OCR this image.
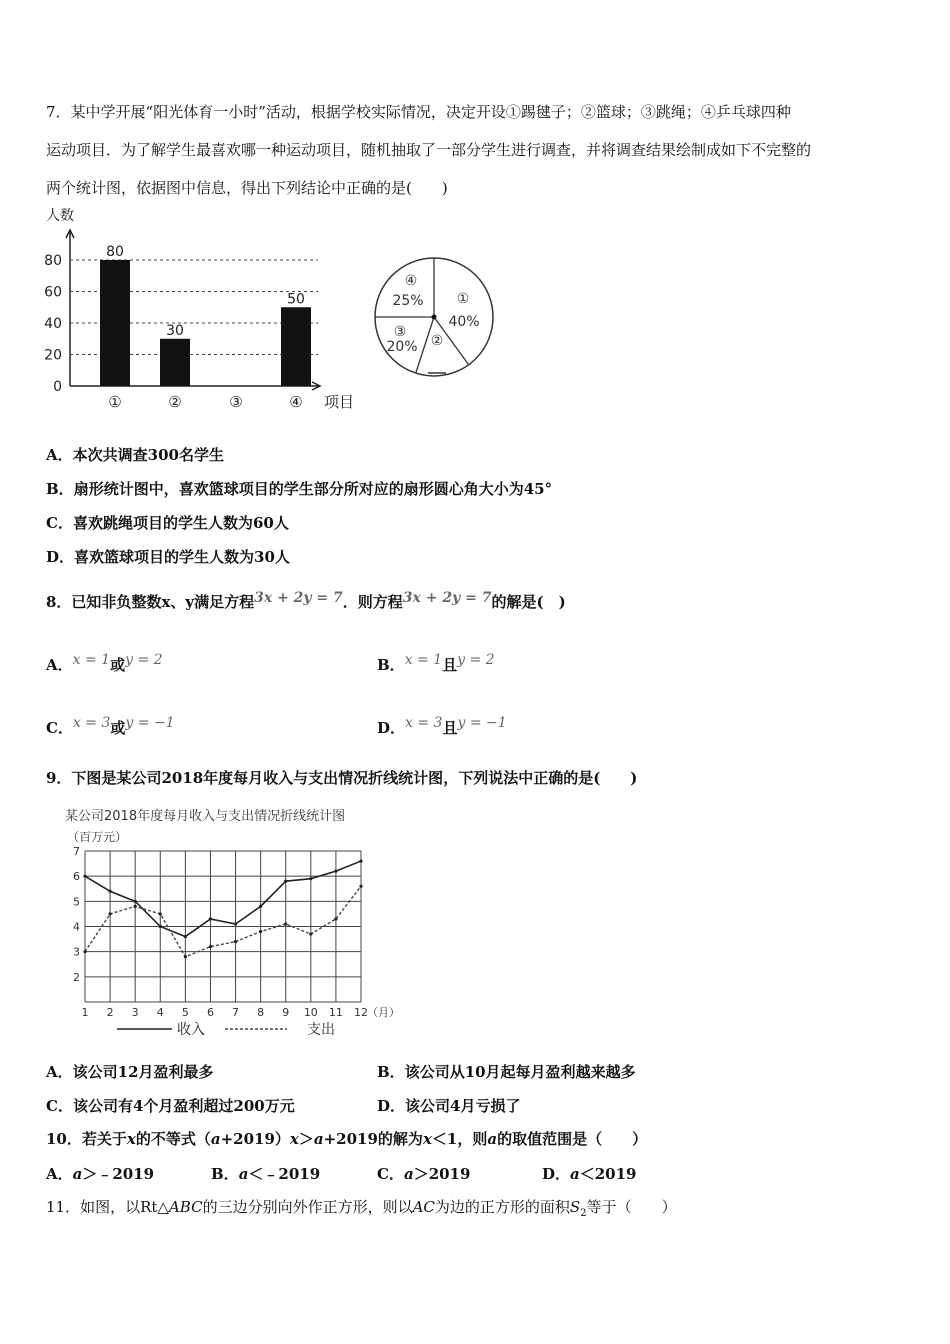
7．某中学开展“阳光体育一小时”活动，根据学校实际情况，决定开设①踢毽子；②篮球；③跳绳；④乒乓球四种
运动项目．为了解学生最喜欢哪一种运动项目，随机抽取了一部分学生进行调查，并将调查结果绘制成如下不完整的
两个统计图，依据图中信息，得出下列结论中正确的是(　　)
人数
项目
0
20
40
60
80
80
①
30
②	③
50
④
①
40%
②
③
20%
④
25%
A．本次共调查300名学生
B．扇形统计图中，喜欢篮球项目的学生部分所对应的扇形圆心角大小为45°
C．喜欢跳绳项目的学生人数为60人
D．喜欢篮球项目的学生人数为30人
8．已知非负整数x、y满足方程3x + 2y = 7．则方程3x + 2y = 7的解是(　)
A．x = 1或y = 2	B．x = 1且y = 2
C．x = 3或y = −1	D．x = 3且y = −1
9．下图是某公司2018年度每月收入与支出情况折线统计图，下列说法中正确的是(　　)
某公司2018年度每月收入与支出情况折线统计图
（百万元）
2
3
4
5
6
7
1 2 3 4 5 6 7 8 9 10 11 12 （月）
收入	支出
A．该公司12月盈利最多	B．该公司从10月起每月盈利越来越多
C．该公司有4个月盈利超过200万元	D．该公司4月亏损了
10．若关于x的不等式（a+2019）x＞a+2019的解为x＜1，则a的取值范围是（　　）
A．a＞﹣2019	B．a＜﹣2019	C．a＞2019	D．a＜2019
11．如图，以Rt△ABC的三边分别向外作正方形，则以AC为边的正方形的面积$S_2$等于（　　）
